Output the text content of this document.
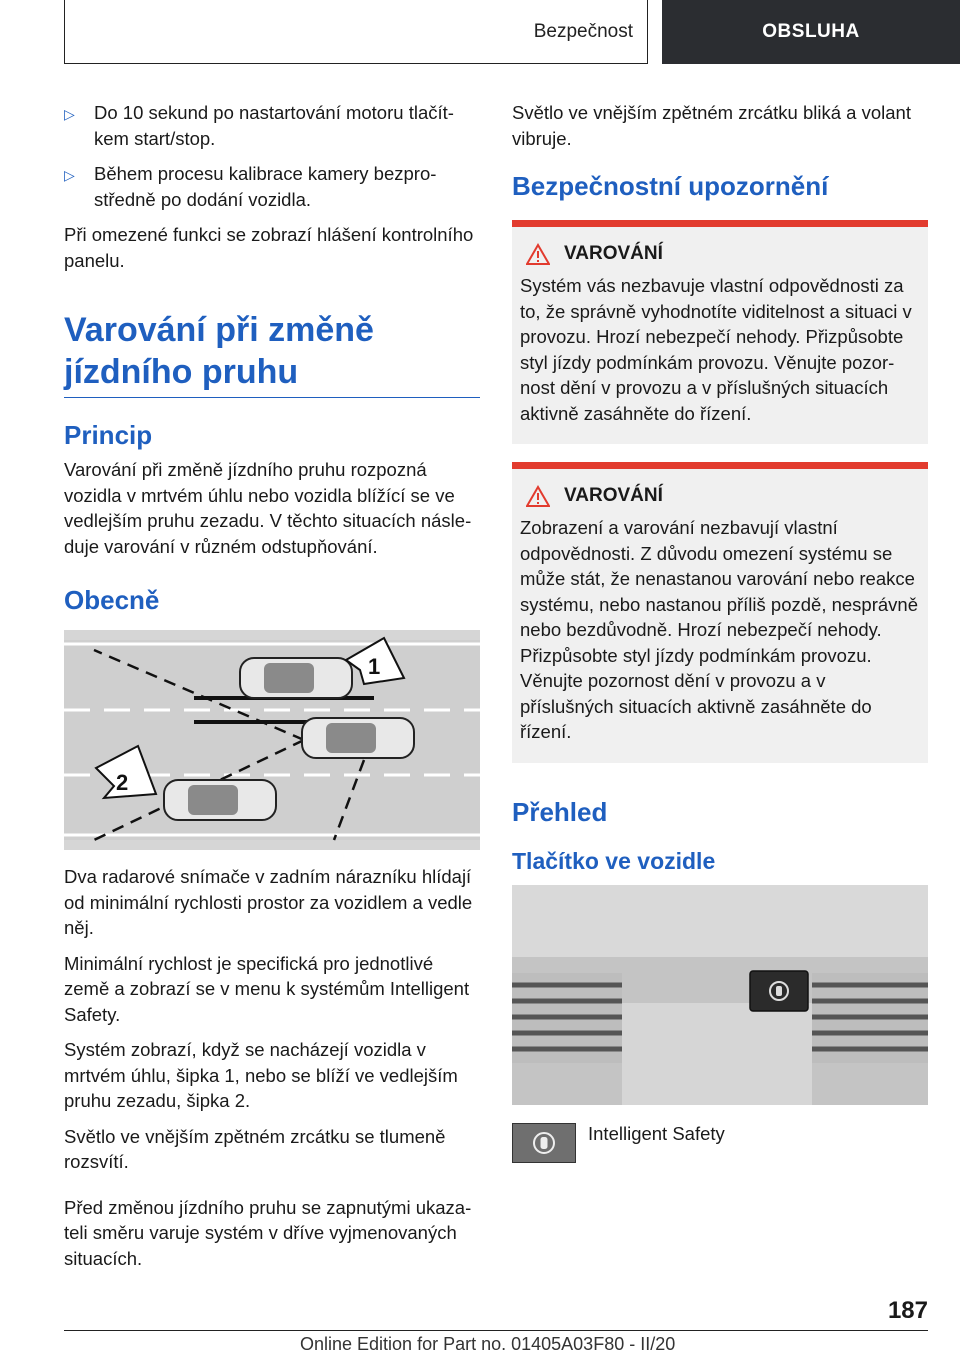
Bezpečnost	OBSLUHA
▷	Do 10 sekund po nastartování motoru tlačítkem start/stop.
▷	Během procesu kalibrace kamery bezprostředně po dodání vozidla.

Při omezené funkci se zobrazí hlášení kontrolního panelu.

Varování při změně jízdního pruhu
Princip

Varování při změně jízdního pruhu rozpozná vozidla v mrtvém úhlu nebo vozidla blížící se ve vedlejším pruhu zezadu. V těchto situacích následuje varování v různém odstupňování.

Obecně
1
2

Dva radarové snímače v zadním nárazníku hlídají od minimální rychlosti prostor za vozidlem a vedle něj.

Minimální rychlost je specifická pro jednotlivé země a zobrazí se v menu k systémům Intelligent Safety.

Systém zobrazí, když se nacházejí vozidla v mrtvém úhlu, šipka 1, nebo se blíží ve vedlejším pruhu zezadu, šipka 2.

Světlo ve vnějším zpětném zrcátku se tlumeně rozsvítí.

Před změnou jízdního pruhu se zapnutými ukazateli směru varuje systém v dříve vyjmenovaných situacích.

Světlo ve vnějším zpětném zrcátku bliká a volant vibruje.

Bezpečnostní upozornění
VAROVÁNÍ

Systém vás nezbavuje vlastní odpovědnosti za to, že správně vyhodnotíte viditelnost a situaci v provozu. Hrozí nebezpečí nehody. Přizpůsobte styl jízdy podmínkám provozu. Věnujte pozornost dění v provozu a v příslušných situacích aktivně zasáhněte do řízení.

VAROVÁNÍ

Zobrazení a varování nezbavují vlastní odpovědnosti. Z důvodu omezení systému se může stát, že nenastanou varování nebo reakce systému, nebo nastanou příliš pozdě, nesprávně nebo bezdůvodně. Hrozí nebezpečí nehody. Přizpůsobte styl jízdy podmínkám provozu. Věnujte pozornost dění v provozu a v příslušných situacích aktivně zasáhněte do řízení.

Přehled
Tlačítko ve vozidle
Intelligent Safety
187
Online Edition for Part no. 01405A03F80 - II/20
